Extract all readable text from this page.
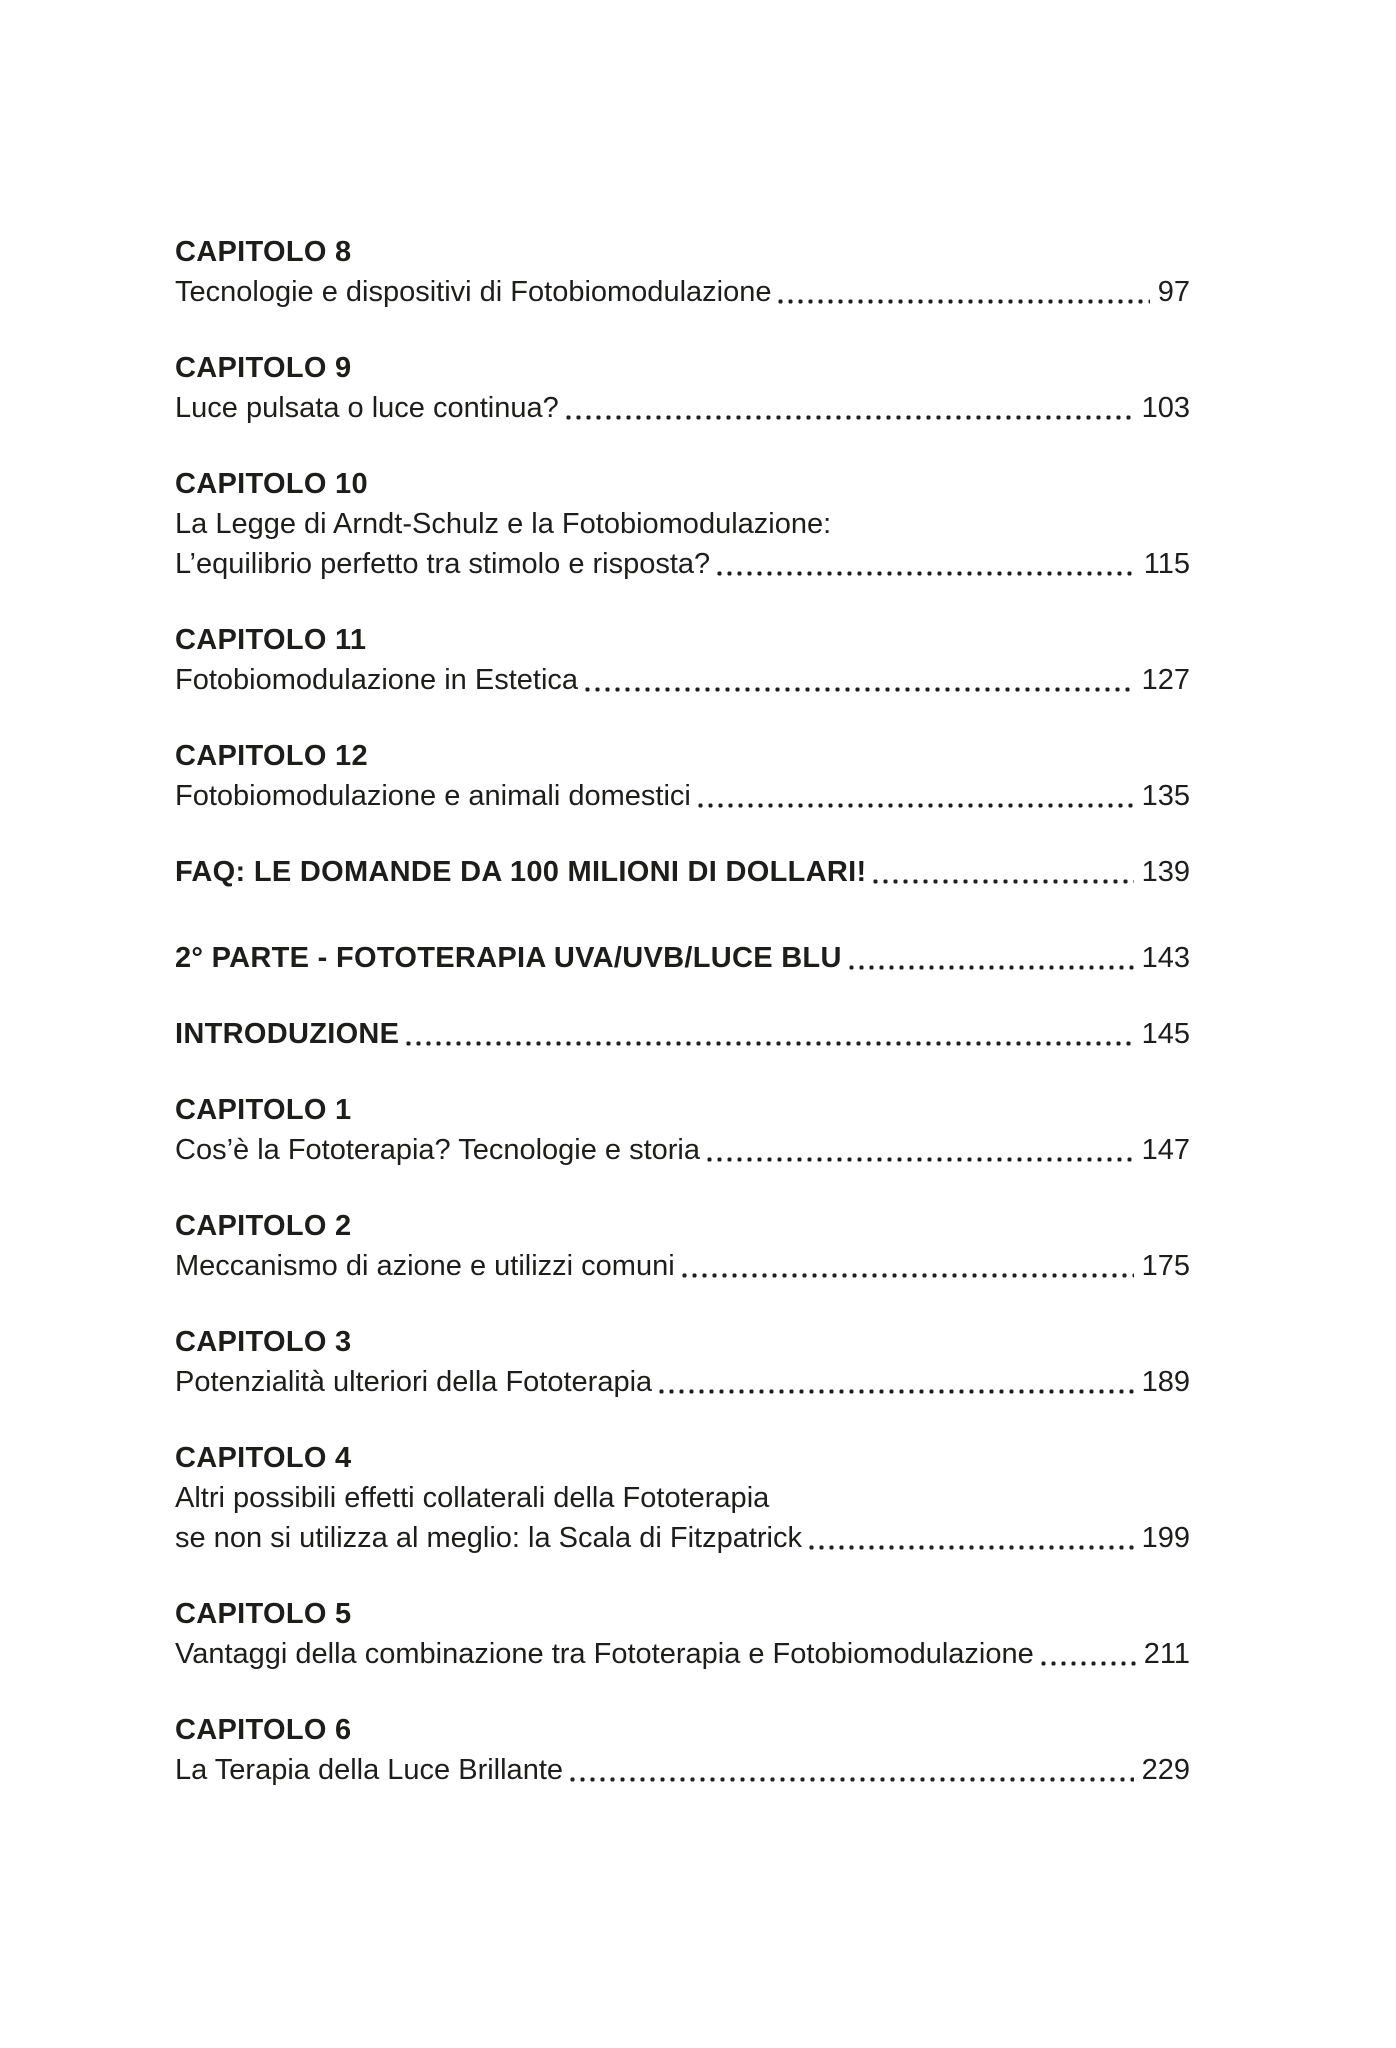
CAPITOLO 8
Tecnologie e dispositivi di Fotobiomodulazione	97
CAPITOLO 9
Luce pulsata o luce continua?	103
CAPITOLO 10
La Legge di Arndt-Schulz e la Fotobiomodulazione:
L’equilibrio perfetto tra stimolo e risposta?	115
CAPITOLO 11
Fotobiomodulazione in Estetica	127
CAPITOLO 12
Fotobiomodulazione e animali domestici	135
FAQ: LE DOMANDE DA 100 MILIONI DI DOLLARI!	139
2° PARTE - FOTOTERAPIA UVA/UVB/LUCE BLU	143
INTRODUZIONE	145
CAPITOLO 1
Cos’è la Fototerapia? Tecnologie e storia	147
CAPITOLO 2
Meccanismo di azione e utilizzi comuni	175
CAPITOLO 3
Potenzialità ulteriori della Fototerapia	189
CAPITOLO 4
Altri possibili effetti collaterali della Fototerapia
se non si utilizza al meglio: la Scala di Fitzpatrick	199
CAPITOLO 5
Vantaggi della combinazione tra Fototerapia e Fotobiomodulazione	211
CAPITOLO 6
La Terapia della Luce Brillante	229
